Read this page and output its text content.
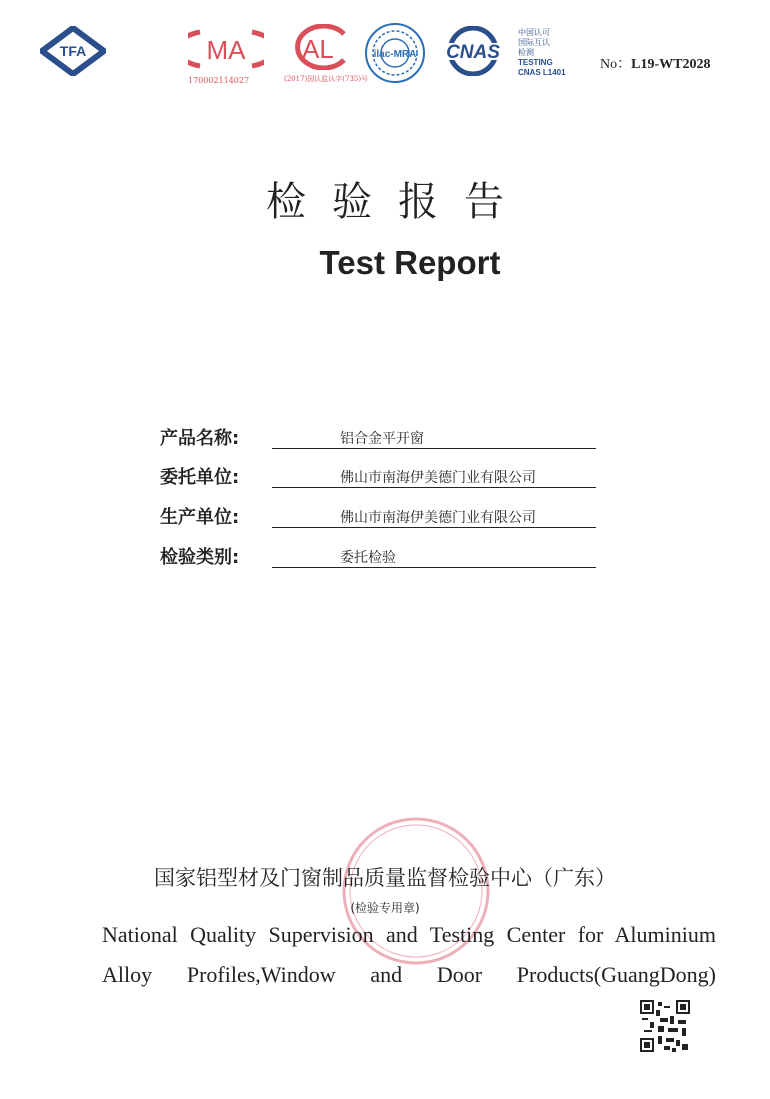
TFA	MA
170002114027
AL
(2017)国认监认字(735)号
ilac-MRA CNAS
中国认可
国际互认
检测
TESTING
CNAS L1401
No：L19-WT2028
检验报告
Test Report
产品名称:	铝合金平开窗
委托单位:	佛山市南海伊美德门业有限公司
生产单位:	佛山市南海伊美德门业有限公司
检验类别:	委托检验
国家铝型材及门窗制品质量监督检验中心（广东）
(检验专用章)
National Quality Supervision and Testing Center for Aluminium
Alloy Profiles,Window and Door Products(GuangDong)
